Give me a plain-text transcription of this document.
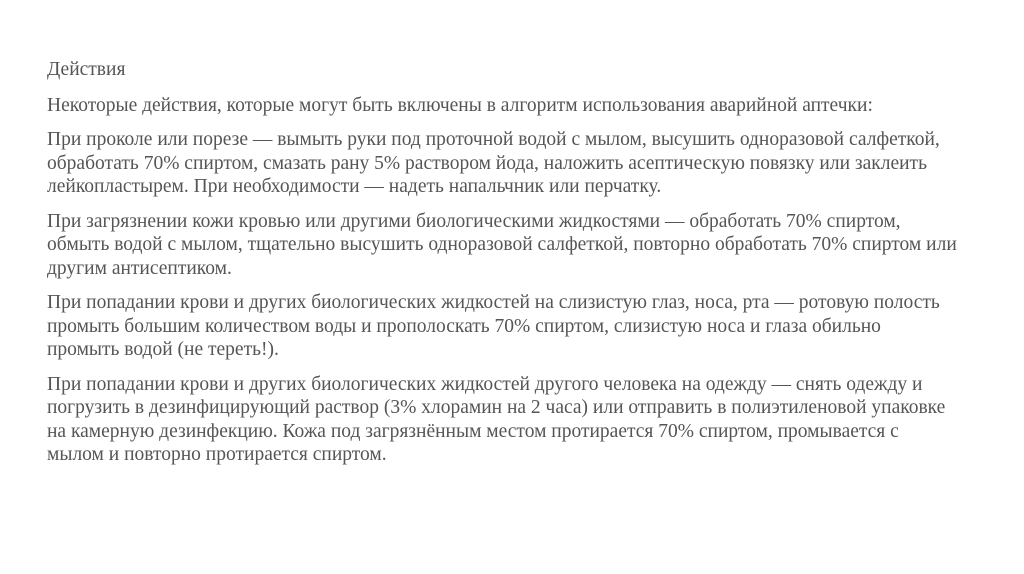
Действия
Некоторые действия, которые могут быть включены в алгоритм использования аварийной аптечки:
При проколе или порезе — вымыть руки под проточной водой с мылом, высушить одноразовой салфеткой, обработать 70% спиртом, смазать рану 5% раствором йода, наложить асептическую повязку или заклеить лейкопластырем. При необходимости — надеть напальчник или перчатку.
При загрязнении кожи кровью или другими биологическими жидкостями — обработать 70% спиртом, обмыть водой с мылом, тщательно высушить одноразовой салфеткой, повторно обработать 70% спиртом или другим антисептиком.
При попадании крови и других биологических жидкостей на слизистую глаз, носа, рта — ротовую полость промыть большим количеством воды и прополоскать 70% спиртом, слизистую носа и глаза обильно промыть водой (не тереть!).
При попадании крови и других биологических жидкостей другого человека на одежду — снять одежду и погрузить в дезинфицирующий раствор (3% хлорамин на 2 часа) или отправить в полиэтиленовой упаковке на камерную дезинфекцию. Кожа под загрязнённым местом протирается 70% спиртом, промывается с мылом и повторно протирается спиртом.
